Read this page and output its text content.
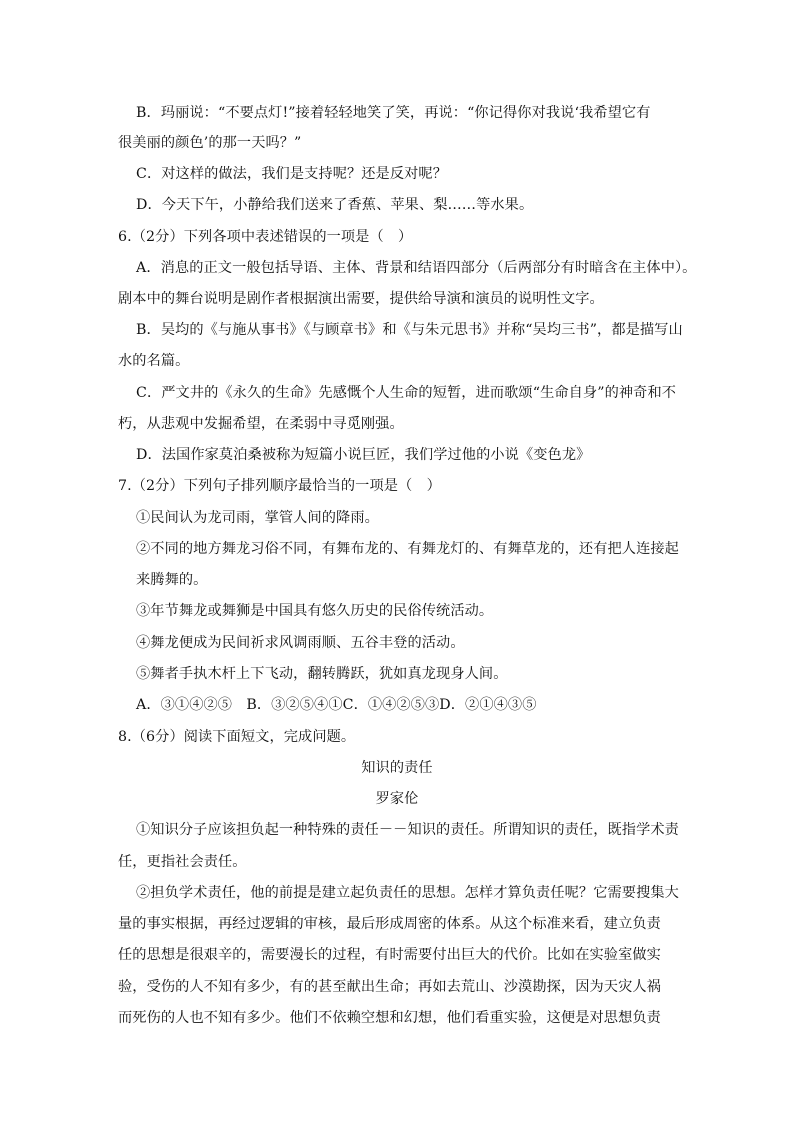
B．玛丽说：“不要点灯!”接着轻轻地笑了笑，再说：“你记得你对我说‘我希望它有
很美丽的颜色’的那一天吗？”
C．对这样的做法，我们是支持呢？还是反对呢？
D．今天下午，小静给我们送来了香蕉、苹果、梨……等水果。
6.（2分）下列各项中表述错误的一项是（　）
A．消息的正文一般包括导语、主体、背景和结语四部分（后两部分有时暗含在主体中）。
剧本中的舞台说明是剧作者根据演出需要，提供给导演和演员的说明性文字。
B．吴均的《与施从事书》《与顾章书》和《与朱元思书》并称“吴均三书”，都是描写山
水的名篇。
C．严文井的《永久的生命》先感慨个人生命的短暂，进而歌颂“生命自身”的神奇和不
朽，从悲观中发掘希望，在柔弱中寻觅刚强。
D．法国作家莫泊桑被称为短篇小说巨匠，我们学过他的小说《变色龙》
7.（2分）下列句子排列顺序最恰当的一项是（　）
①民间认为龙司雨，掌管人间的降雨。
②不同的地方舞龙习俗不同，有舞布龙的、有舞龙灯的、有舞草龙的，还有把人连接起
来腾舞的。
③年节舞龙或舞狮是中国具有悠久历史的民俗传统活动。
④舞龙便成为民间祈求风调雨顺、五谷丰登的活动。
⑤舞者手执木杆上下飞动，翻转腾跃，犹如真龙现身人间。
A．③①④②⑤　B．③②⑤④①C．①④②⑤③D．②①④③⑤
8.（6分）阅读下面短文，完成问题。
知识的责任
罗家伦
①知识分子应该担负起一种特殊的责任－－知识的责任。所谓知识的责任，既指学术责
任，更指社会责任。
②担负学术责任，他的前提是建立起负责任的思想。怎样才算负责任呢？它需要搜集大
量的事实根据，再经过逻辑的审核，最后形成周密的体系。从这个标准来看，建立负责
任的思想是很艰辛的，需要漫长的过程，有时需要付出巨大的代价。比如在实验室做实
验，受伤的人不知有多少，有的甚至献出生命；再如去荒山、沙漠勘探，因为天灾人祸
而死伤的人也不知有多少。他们不依赖空想和幻想，他们看重实验，这便是对思想负责
